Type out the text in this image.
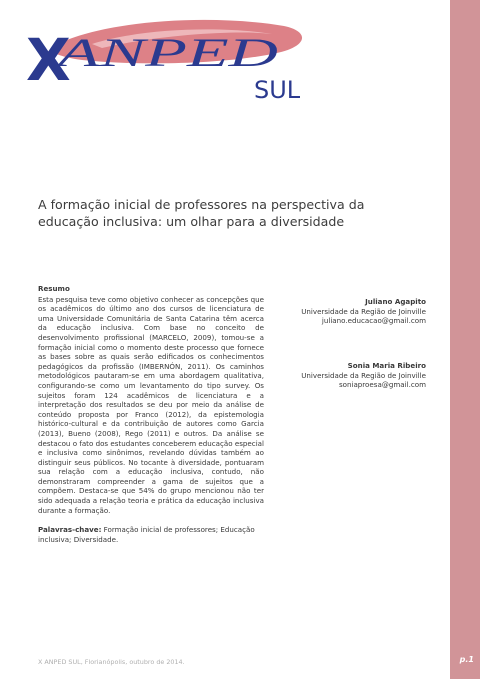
X
ANPED
SUL
A formação inicial de professores na perspectiva da educação inclusiva: um olhar para a diversidade

Resumo

Esta pesquisa teve como objetivo conhecer as concepções que os acadêmicos do último ano dos cursos de licenciatura de uma Universidade Comunitária de Santa Catarina têm acerca da educação inclusiva. Com base no conceito de desenvolvimento profissional (MARCELO, 2009), tomou-se a formação inicial como o momento deste processo que fornece as bases sobre as quais serão edificados os conhecimentos pedagógicos da profissão (IMBERNÓN, 2011). Os caminhos metodológicos pautaram-se em uma abordagem qualitativa, configurando-se como um levantamento do tipo survey. Os sujeitos foram 124 acadêmicos de licenciatura e a interpretação dos resultados se deu por meio da análise de conteúdo proposta por Franco (2012), da epistemologia histórico-cultural e da contribuição de autores como Garcia (2013), Bueno (2008), Rego (2011) e outros. Da análise se destacou o fato dos estudantes conceberem educação especial e inclusiva como sinônimos, revelando dúvidas também ao distinguir seus públicos. No tocante à diversidade, pontuaram sua relação com a educação inclusiva, contudo, não demonstraram compreender a gama de sujeitos que a compõem. Destaca-se que 54% do grupo mencionou não ter sido adequada a relação teoria e prática da educação inclusiva durante a formação.

Palavras-chave: Formação inicial de professores; Educação inclusiva; Diversidade.

Juliano Agapito
Universidade da Região de Joinville
juliano.educacao@gmail.com
Sonia Maria Ribeiro
Universidade da Região de Joinville
soniaproesa@gmail.com
X ANPED SUL, Florianópolis, outubro de 2014.	p.1
